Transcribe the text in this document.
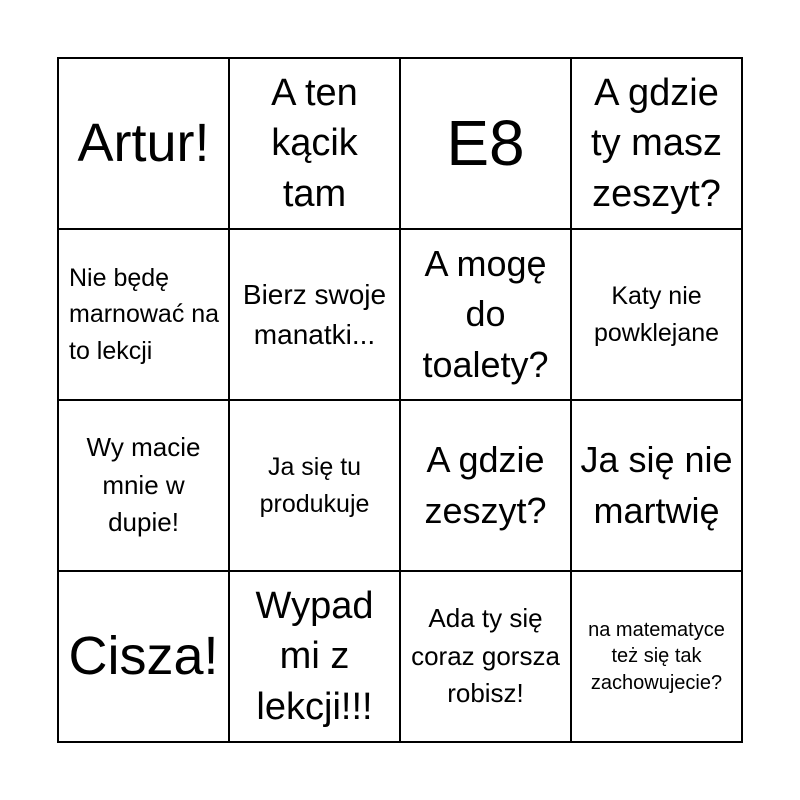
Artur!
A ten kącik tam
E8
A gdzie ty masz zeszyt?
Nie będę marnować na to lekcji
Bierz swoje manatki...
A mogę do toalety?
Katy nie powklejane
Wy macie mnie w dupie!
Ja się tu produkuje
A gdzie zeszyt?
Ja się nie martwię
Cisza!
Wypad mi z lekcji!!!
Ada ty się coraz gorsza robisz!
na matematyce też się tak zachowujecie?
